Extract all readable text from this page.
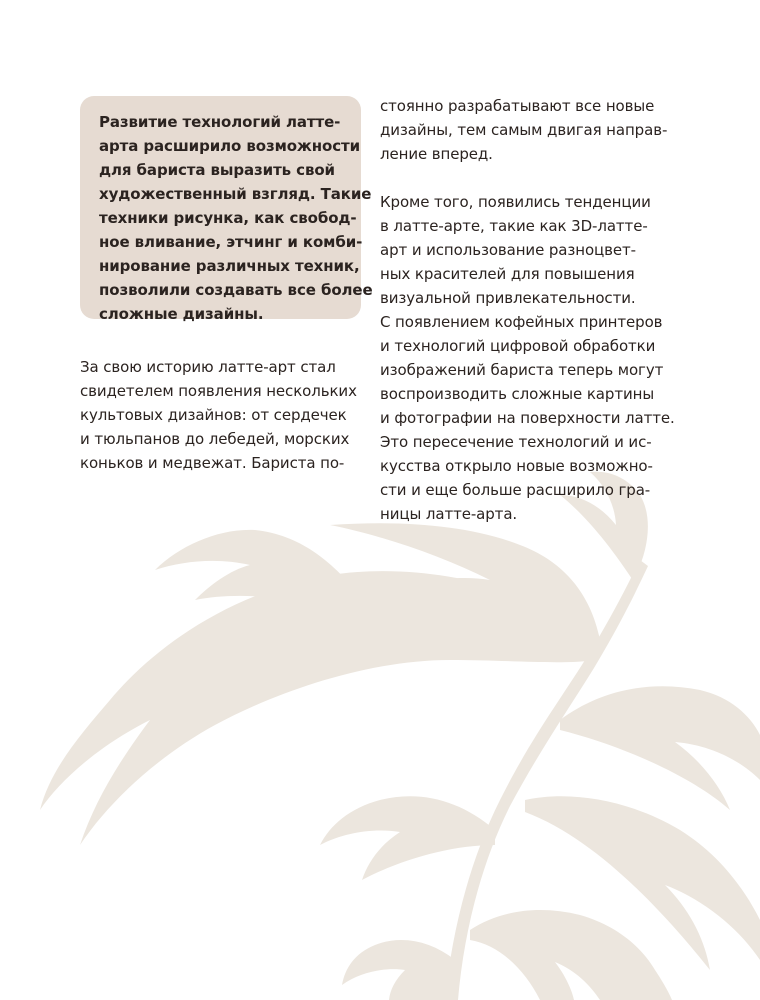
Развитие технологий латте-
арта расширило возможности
для бариста выразить свой
художественный взгляд. Такие
техники рисунка, как свобод-
ное вливание, этчинг и комби-
нирование различных техник,
позволили создавать все более
сложные дизайны.

За свою историю латте-арт стал
свидетелем появления нескольких
культовых дизайнов: от сердечек
и тюльпанов до лебедей, морских
коньков и медвежат. Бариста по-

стоянно разрабатывают все новые
дизайны, тем самым двигая направ-
ление вперед.

Кроме того, появились тенденции
в латте-арте, такие как 3D-латте-
арт и использование разноцвет-
ных красителей для повышения
визуальной привлекательности.
С появлением кофейных принтеров
и технологий цифровой обработки
изображений бариста теперь могут
воспроизводить сложные картины
и фотографии на поверхности латте.
Это пересечение технологий и ис-
кусства открыло новые возможно-
сти и еще больше расширило гра-
ницы латте-арта.
